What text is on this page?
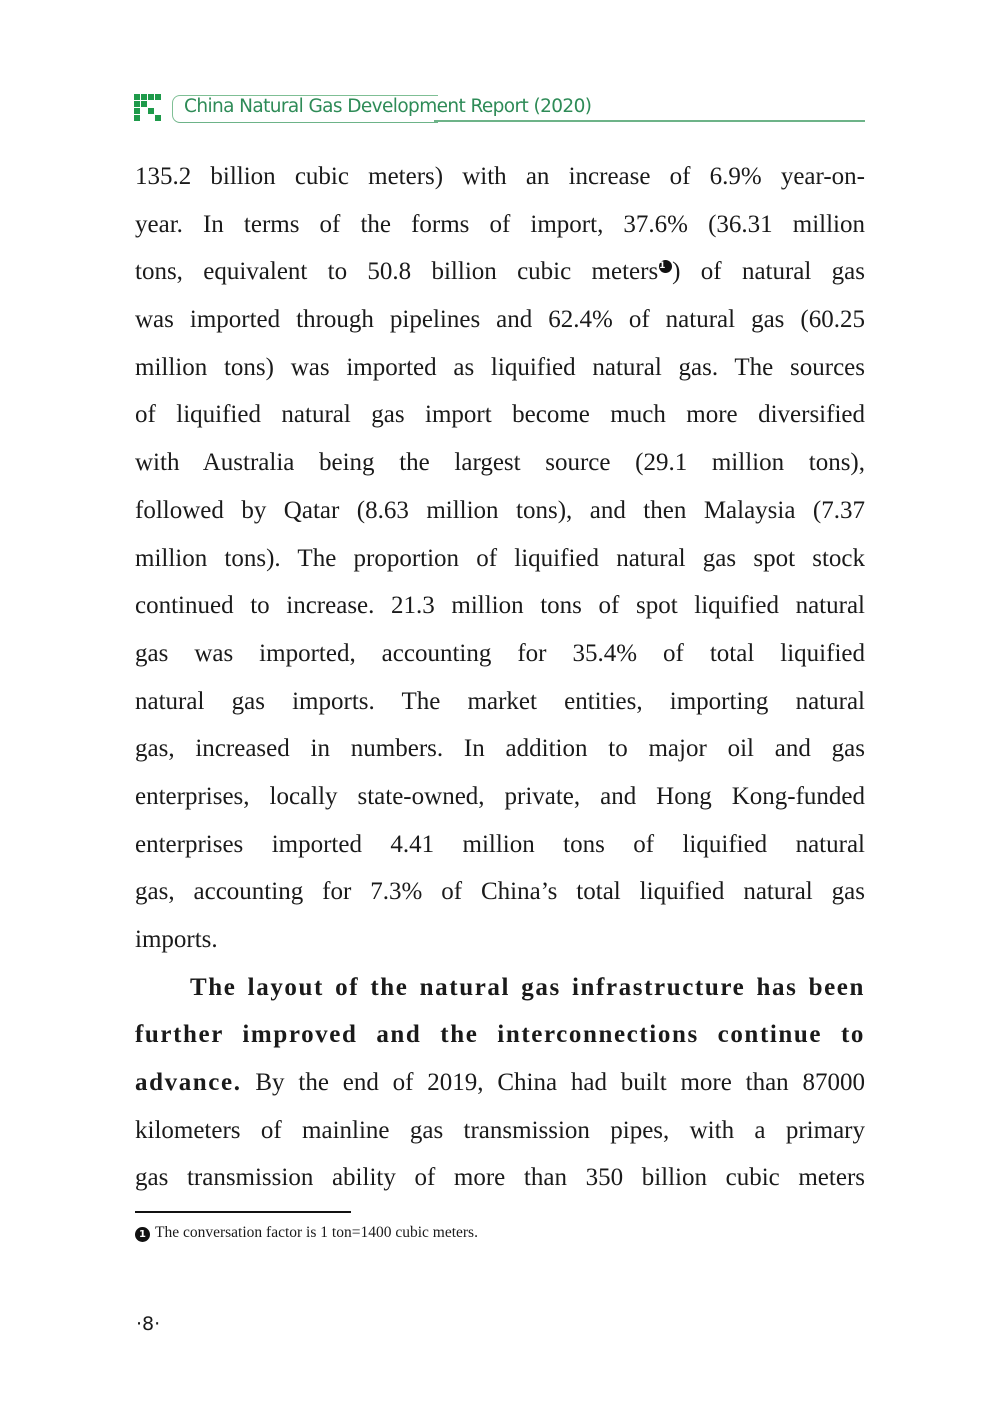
China Natural Gas Development Report (2020)
135.2 billion cubic meters) with an increase of 6.9% year-on-
year. In terms of the forms of import, 37.6% (36.31 million
tons, equivalent to 50.8 billion cubic meters1 ) of natural gas
was imported through pipelines and 62.4% of natural gas (60.25
million tons) was imported as liquified natural gas. The sources
of liquified natural gas import become much more diversified
with Australia being the largest source (29.1 million tons),
followed by Qatar (8.63 million tons), and then Malaysia (7.37
million tons). The proportion of liquified natural gas spot stock
continued to increase. 21.3 million tons of spot liquified natural
gas was imported, accounting for 35.4% of total liquified
natural gas imports. The market entities, importing natural
gas, increased in numbers. In addition to major oil and gas
enterprises, locally state-owned, private, and Hong Kong-funded
enterprises imported 4.41 million tons of liquified natural
gas, accounting for 7.3% of China’s total liquified natural gas
imports.
The layout of the natural gas infrastructure has been
further improved and the interconnections continue to
advance. By the end of 2019, China had built more than 87000
kilometers of mainline gas transmission pipes, with a primary
gas transmission ability of more than 350 billion cubic meters
1 The conversation factor is 1 ton=1400 cubic meters.
·8·
